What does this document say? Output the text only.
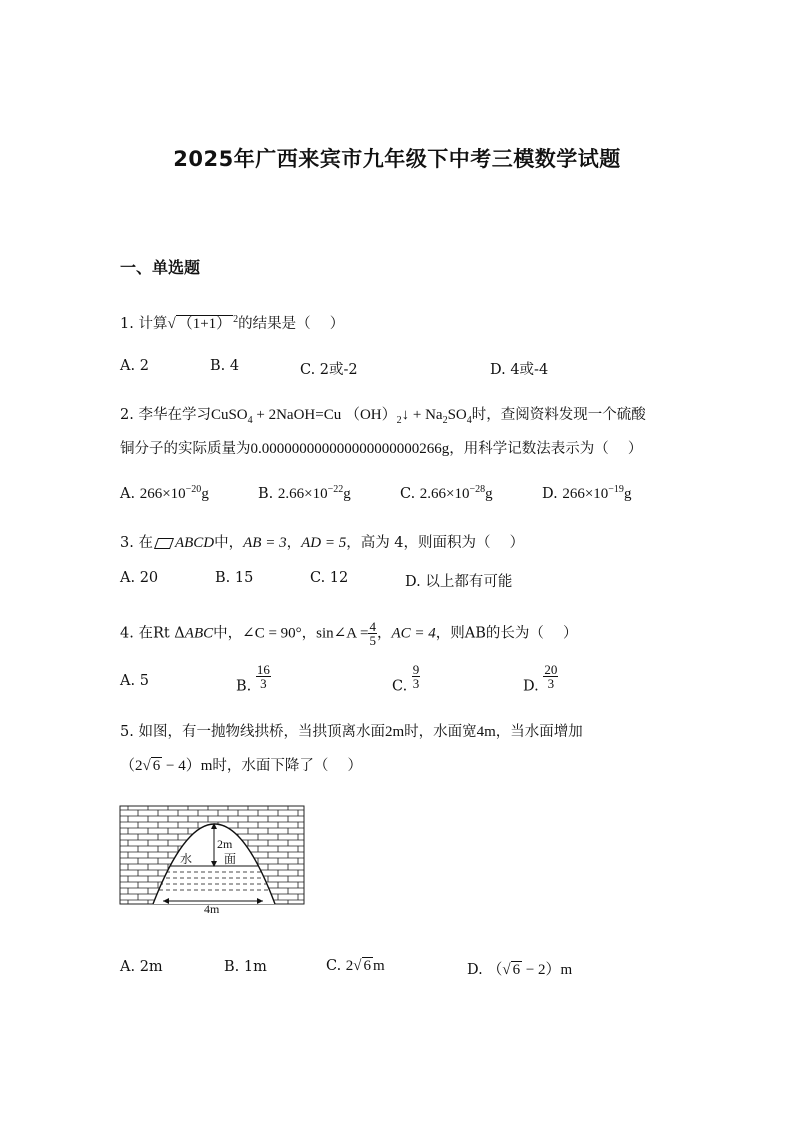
2025年广西来宾市九年级下中考三模数学试题
一、单选题
1. 计算√ （1+1） $^2$的结果是（　 ）
A. 2	B. 4	C. 2或-2	D. 4或-4
2. 李华在学习CuSO$_4$ + 2NaOH=Cu $(OH)_2↓ + Na_2SO_4$时，查阅资料发现一个硫酸
铜分子的实际质量为0.000000000000000000000266g，用科学记数法表示为（　 ）
A. $266\times 10^{-20}g$	B. $2.66\times 10^{-22}g$	C. $2.66\times 10^{-28}g$	D. $266\times 10^{-19}g$
3. 在 ABCD中，AB = 3，AD = 5，高为 4，则面积为（　 ）
A. 20	B. 15	C. 12	D. 以上都有可能
4. 在Rt ΔABC中，∠C = 90°，sin∠A = $\frac{4}{5}$ ，AC = 4，则AB的长为（　 ）
A. 5	B. $\frac{16}{3}$	C. $\frac{9}{3}$	D. $\frac{20}{3}$
5. 如图，有一抛物线拱桥，当拱顶离水面2m时，水面宽4m，当水面增加
（2√ 6 − 4）m时，水面下降了（　 ）
2m
水	面
4m
A. 2m	B. 1m	C. 2√ 6 m	D. （√ 6 − 2）m
